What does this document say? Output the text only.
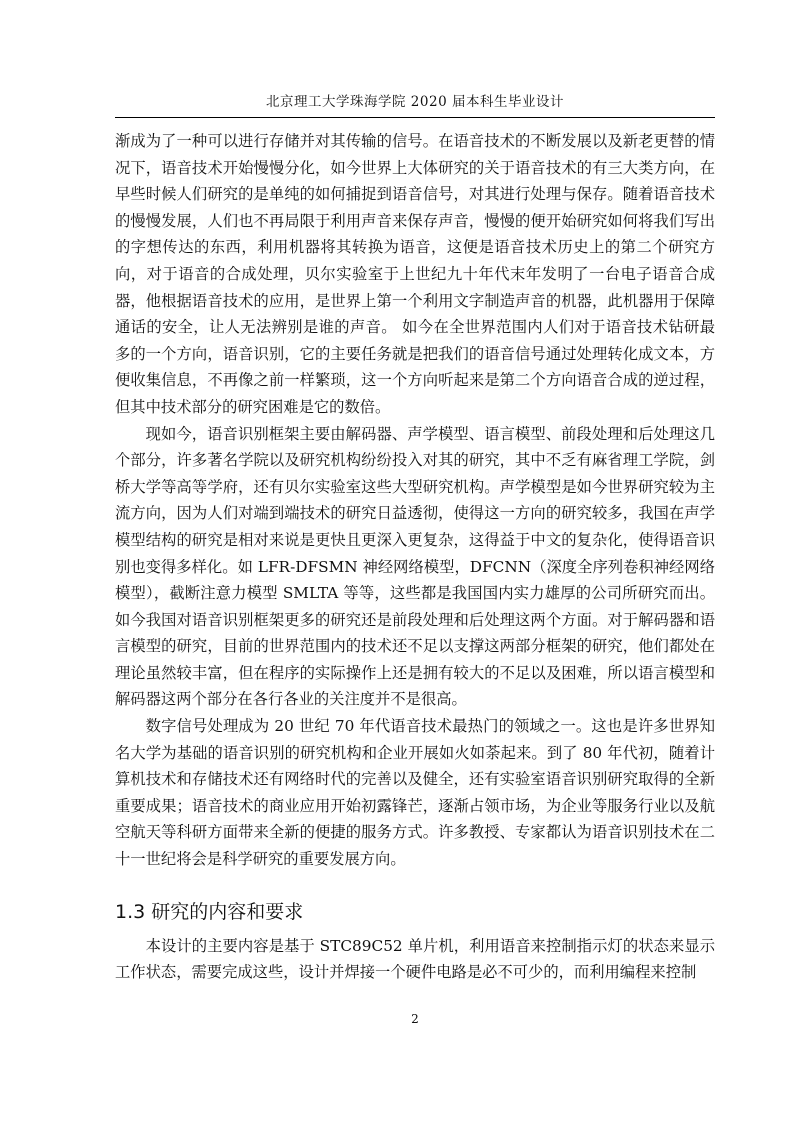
北京理工大学珠海学院 2020 届本科生毕业设计

渐成为了一种可以进行存储并对其传输的信号。在语音技术的不断发展以及新老更替的情况下，语音技术开始慢慢分化，如今世界上大体研究的关于语音技术的有三大类方向，在早些时候人们研究的是单纯的如何捕捉到语音信号，对其进行处理与保存。随着语音技术的慢慢发展，人们也不再局限于利用声音来保存声音，慢慢的便开始研究如何将我们写出的字想传达的东西，利用机器将其转换为语音，这便是语音技术历史上的第二个研究方向，对于语音的合成处理，贝尔实验室于上世纪九十年代末年发明了一台电子语音合成器，他根据语音技术的应用，是世界上第一个利用文字制造声音的机器，此机器用于保障通话的安全，让人无法辨别是谁的声音。 如今在全世界范围内人们对于语音技术钻研最多的一个方向，语音识别，它的主要任务就是把我们的语音信号通过处理转化成文本，方便收集信息，不再像之前一样繁琐，这一个方向听起来是第二个方向语音合成的逆过程，但其中技术部分的研究困难是它的数倍。

现如今，语音识别框架主要由解码器、声学模型、语言模型、前段处理和后处理这几个部分，许多著名学院以及研究机构纷纷投入对其的研究，其中不乏有麻省理工学院，剑桥大学等高等学府，还有贝尔实验室这些大型研究机构。声学模型是如今世界研究较为主流方向，因为人们对端到端技术的研究日益透彻，使得这一方向的研究较多，我国在声学模型结构的研究是相对来说是更快且更深入更复杂，这得益于中文的复杂化，使得语音识别也变得多样化。如 LFR-DFSMN 神经网络模型，DFCNN（深度全序列卷积神经网络模型），截断注意力模型 SMLTA 等等，这些都是我国国内实力雄厚的公司所研究而出。如今我国对语音识别框架更多的研究还是前段处理和后处理这两个方面。对于解码器和语言模型的研究，目前的世界范围内的技术还不足以支撑这两部分框架的研究，他们都处在理论虽然较丰富，但在程序的实际操作上还是拥有较大的不足以及困难，所以语言模型和解码器这两个部分在各行各业的关注度并不是很高。

数字信号处理成为 20 世纪 70 年代语音技术最热门的领域之一。这也是许多世界知名大学为基础的语音识别的研究机构和企业开展如火如荼起来。到了 80 年代初，随着计算机技术和存储技术还有网络时代的完善以及健全，还有实验室语音识别研究取得的全新重要成果；语音技术的商业应用开始初露锋芒，逐渐占领市场，为企业等服务行业以及航空航天等科研方面带来全新的便捷的服务方式。许多教授、专家都认为语音识别技术在二十一世纪将会是科学研究的重要发展方向。

1.3 研究的内容和要求

本设计的主要内容是基于 STC89C52 单片机，利用语音来控制指示灯的状态来显示工作状态，需要完成这些，设计并焊接一个硬件电路是必不可少的，而利用编程来控制

2
